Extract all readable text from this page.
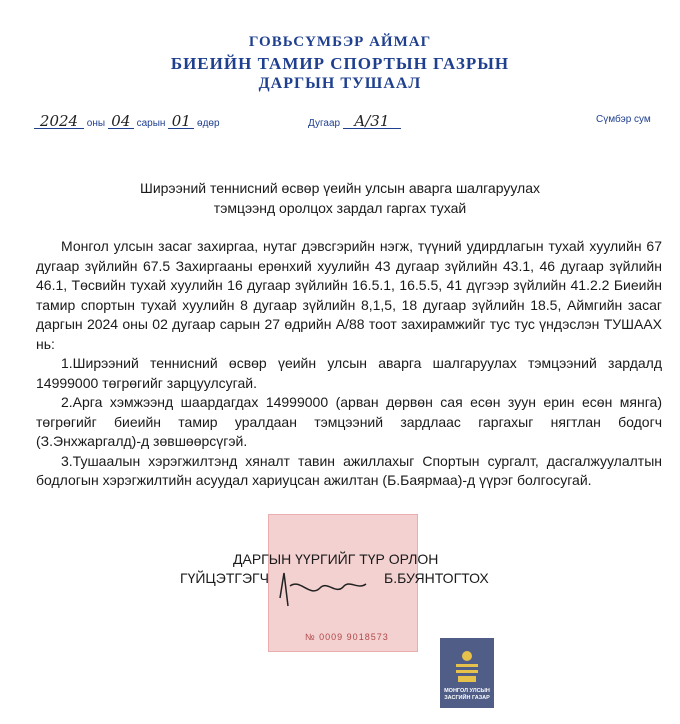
ГОВЬСҮМБЭР АЙМАГ
БИЕИЙН ТАМИР СПОРТЫН ГАЗРЫН
ДАРГЫН ТУШААЛ
2024 оны 04 сарын 01 өдөр	Дугаар A/31	Сүмбэр сум
Ширээний теннисний өсвөр үеийн улсын аварга шалгаруулах
тэмцээнд оролцох зардал гаргах тухай
№ 0009 9018573

Монгол улсын засаг захиргаа, нутаг дэвсгэрийн нэгж, түүний удирдлагын тухай хуулийн 67 дугаар зүйлийн 67.5 Захиргааны ерөнхий хуулийн 43 дугаар зүйлийн 43.1, 46 дугаар зүйлийн 46.1, Төсвийн тухай хуулийн 16 дугаар зүйлийн 16.5.1, 16.5.5, 41 дүгээр зүйлийн 41.2.2 Биеийн тамир спортын тухай хуулийн 8 дугаар зүйлийн 8,1,5, 18 дугаар зүйлийн 18.5, Аймгийн засаг даргын 2024 оны 02 дугаар сарын 27 өдрийн А/88 тоот захирамжийг тус тус үндэслэн ТУШААХ нь:

1.Ширээний теннисний өсвөр үеийн улсын аварга шалгаруулах тэмцээний зардалд 14999000 төгрөгийг зарцуулсугай.

2.Арга хэмжээнд шаардагдах 14999000 (арван дөрвөн сая есөн зуун ерин есөн мянга) төгрөгийг биеийн тамир уралдаан тэмцээний зардлаас гаргахыг нягтлан бодогч (З.Энхжаргалд)-д зөвшөөрсүгэй.

3.Тушаалын хэрэгжилтэнд хяналт тавин ажиллахыг Спортын сургалт, дасгалжуулалтын бодлогын хэрэгжилтийн асуудал хариуцсан ажилтан (Б.Баярмаа)-д үүрэг болгосугай.

ДАРГЫН ҮҮРГИЙГ ТҮР ОРЛОН
ГҮЙЦЭТГЭГЧ	Б.БУЯНТОГТОХ
МОНГОЛ УЛСЫН
ЗАСГИЙН ГАЗАР
